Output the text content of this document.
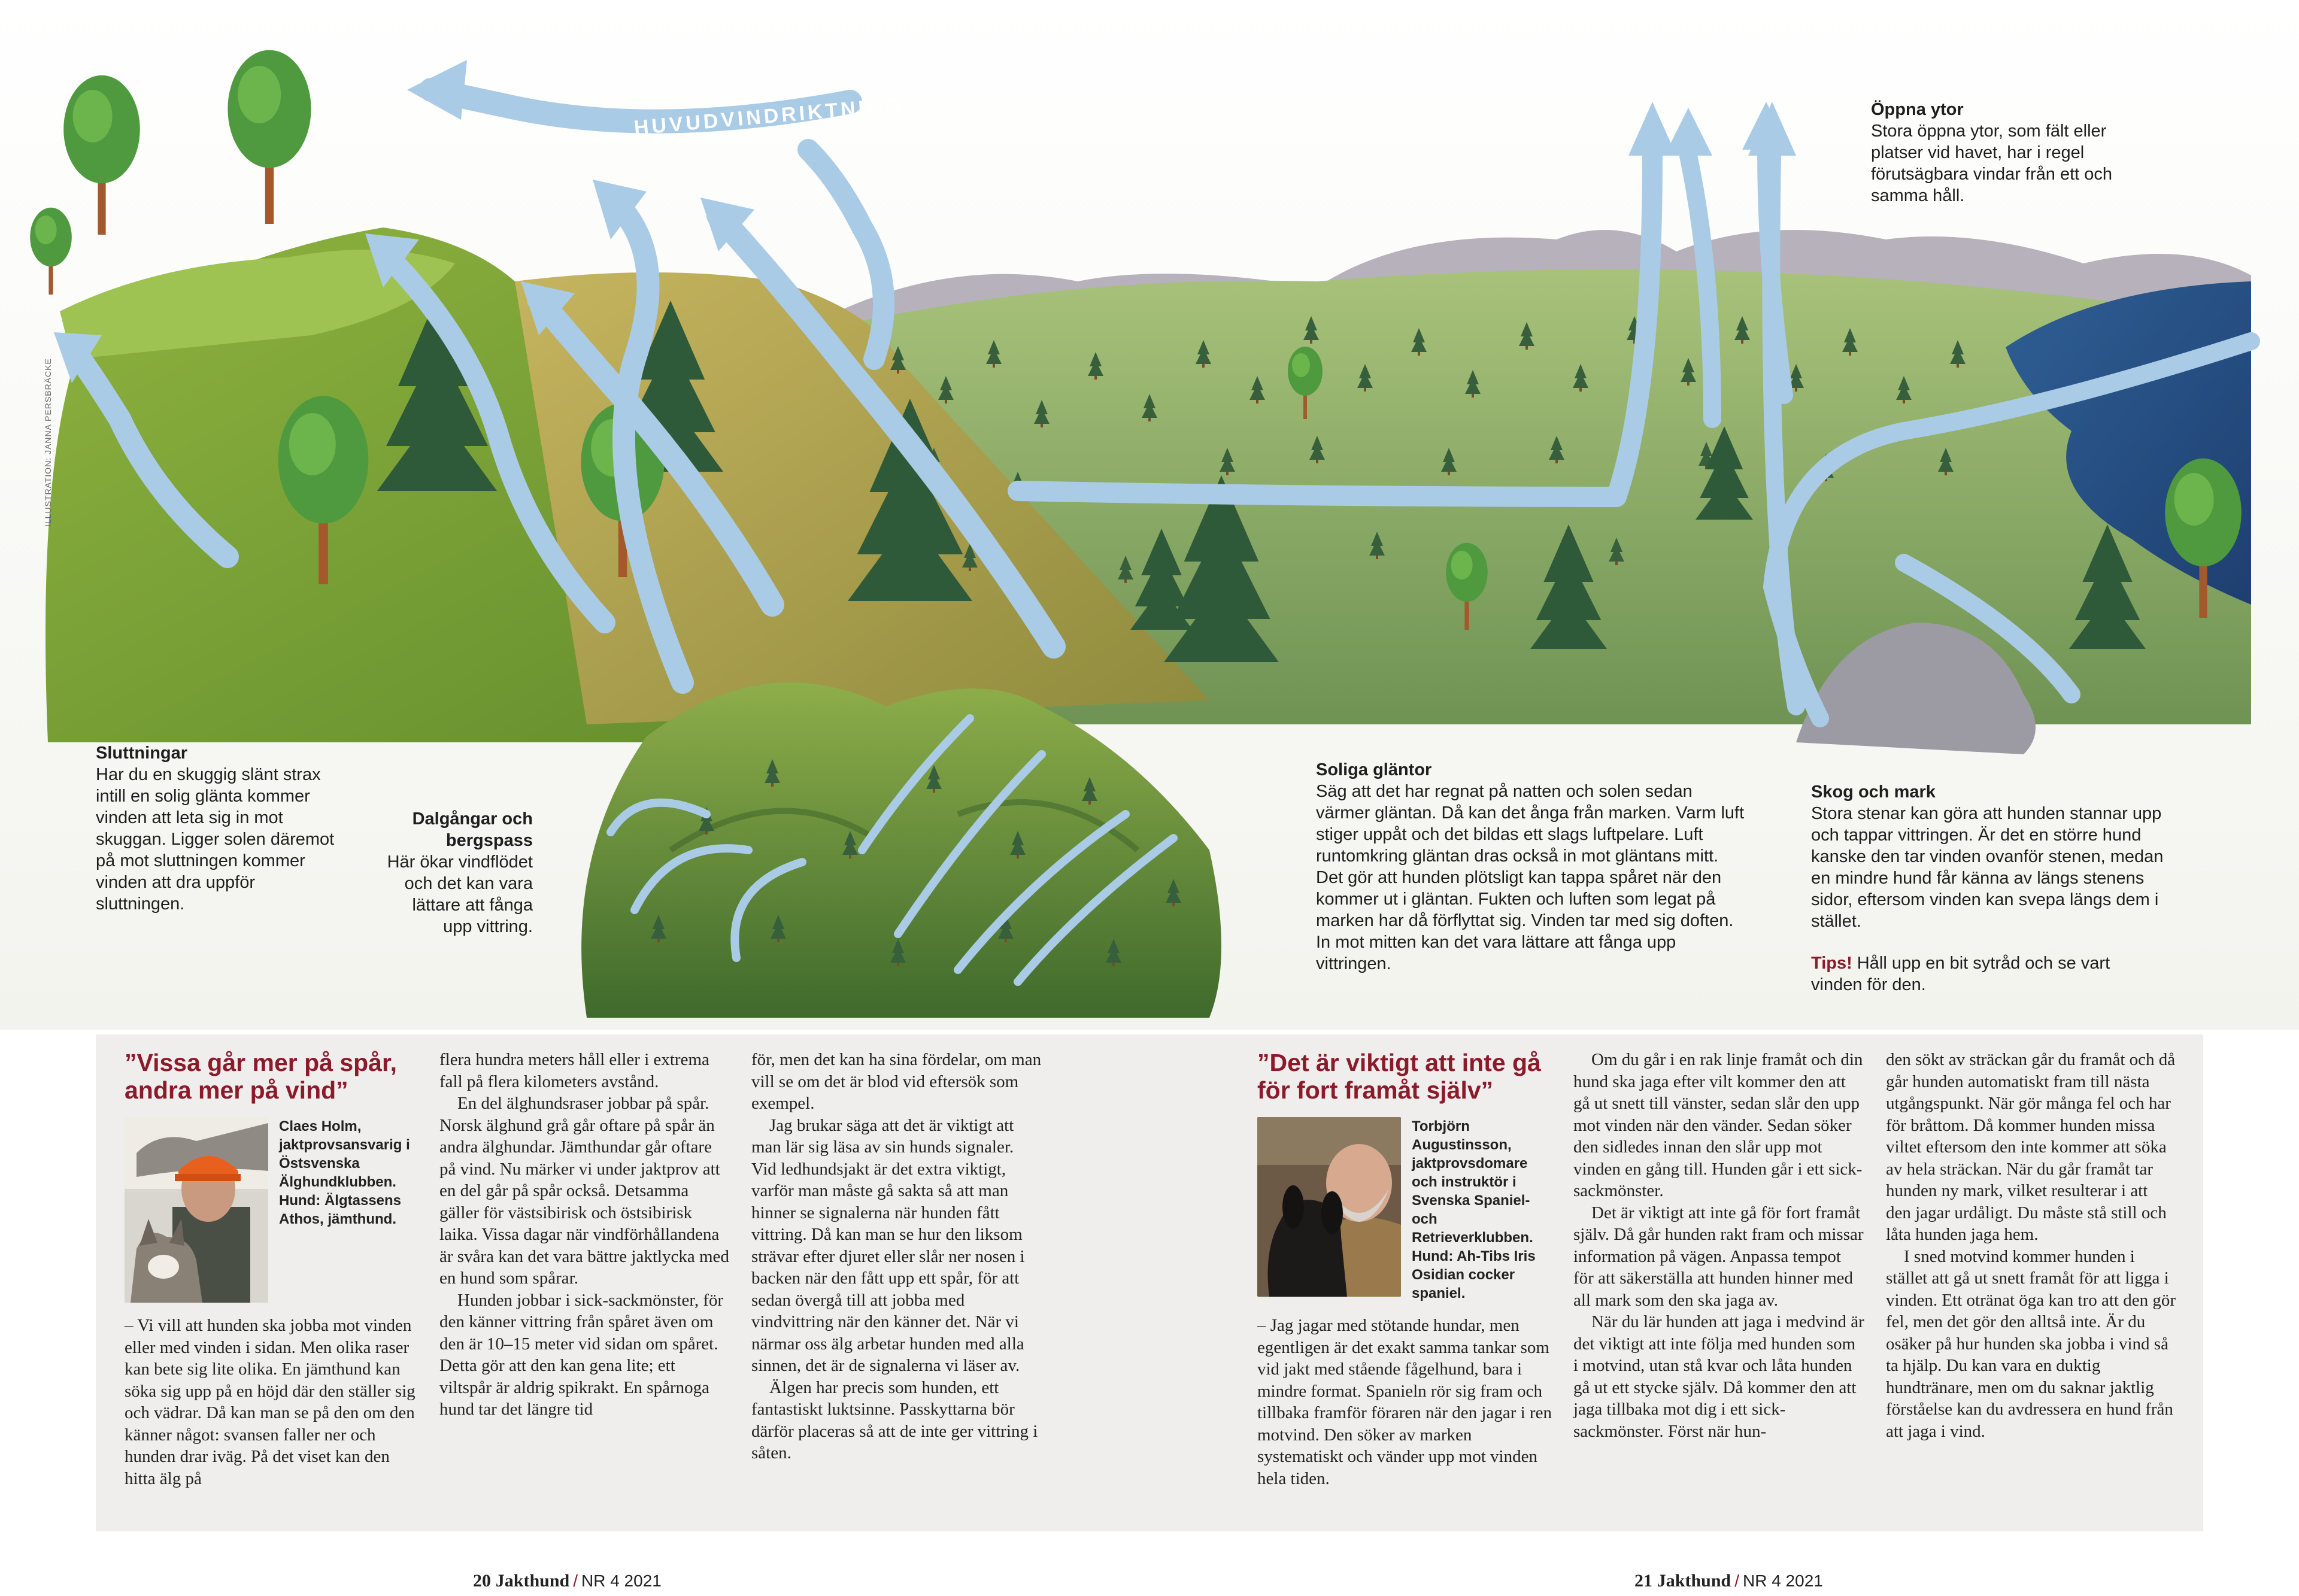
HUVUDVINDRIKTNING
ILLUSTRATION: JANNA PERSBRÄCKE
Sluttningar

Har du en skuggig slänt strax intill en solig glänta kommer vinden att leta sig in mot skuggan. Ligger solen däremot på mot sluttningen kommer vinden att dra uppför sluttningen.

Dalgångar och bergspass

Här ökar vindflödet och det kan vara lättare att fånga upp vittring.

Soliga gläntor

Säg att det har regnat på natten och solen sedan värmer gläntan. Då kan det ånga från marken. Varm luft stiger uppåt och det bildas ett slags luftpelare. Luft runtomkring gläntan dras också in mot gläntans mitt. Det gör att hunden plötsligt kan tappa spåret när den kommer ut i gläntan. Fukten och luften som legat på marken har då förflyttat sig. Vinden tar med sig doften. In mot mitten kan det vara lättare att fånga upp vittringen.

Öppna ytor

Stora öppna ytor, som fält eller platser vid havet, har i regel förutsägbara vindar från ett och samma håll.

Skog och mark

Stora stenar kan göra att hunden stannar upp och tappar vittringen. Är det en större hund kanske den tar vinden ovanför stenen, medan en mindre hund får känna av längs stenens sidor, eftersom vinden kan svepa längs dem i stället.

Tips! Håll upp en bit sytråd och se vart vinden för den.

”Vissa går mer på spår, andra mer på vind”
Claes Holm, jaktprovsansvarig i Östsvenska Älghundklubben. Hund: Älgtassens Athos, jämthund.

– Vi vill att hunden ska jobba mot vinden eller med vinden i sidan. Men olika raser kan bete sig lite olika. En jämthund kan söka sig upp på en höjd där den ställer sig och vädrar. Då kan man se på den om den känner något: svansen faller ner och hunden drar iväg. På det viset kan den hitta älg på

flera hundra meters håll eller i extrema fall på flera kilometers avstånd.

En del älghundsraser jobbar på spår. Norsk älghund grå går oftare på spår än andra älghundar. Jämthundar går oftare på vind. Nu märker vi under jaktprov att en del går på spår också. Detsamma gäller för västsibirisk och östsibirisk laika. Vissa dagar när vindförhållandena är svåra kan det vara bättre jaktlycka med en hund som spårar.

Hunden jobbar i sick-sackmönster, för den känner vittring från spåret även om den är 10–15 meter vid sidan om spåret. Detta gör att den kan gena lite; ett viltspår är aldrig spikrakt. En spårnoga hund tar det längre tid

för, men det kan ha sina fördelar, om man vill se om det är blod vid eftersök som exempel.

Jag brukar säga att det är viktigt att man lär sig läsa av sin hunds signaler. Vid ledhundsjakt är det extra viktigt, varför man måste gå sakta så att man hinner se signalerna när hunden fått vittring. Då kan man se hur den liksom strävar efter djuret eller slår ner nosen i backen när den fått upp ett spår, för att sedan övergå till att jobba med vindvittring när den känner det. När vi närmar oss älg arbetar hunden med alla sinnen, det är de signalerna vi läser av.

Älgen har precis som hunden, ett fantastiskt luktsinne. Passkyttarna bör därför placeras så att de inte ger vittring i såten.

”Det är viktigt att inte gå för fort framåt själv”
Torbjörn Augustinsson, jaktprovsdomare och instruktör i Svenska Spaniel- och Retrieverklubben. Hund: Ah-Tibs Iris Osidian cocker spaniel.

– Jag jagar med stötande hundar, men egentligen är det exakt samma tankar som vid jakt med stående fågelhund, bara i mindre format. Spanieln rör sig fram och tillbaka framför föraren när den jagar i ren motvind. Den söker av marken systematiskt och vänder upp mot vinden hela tiden.

Om du går i en rak linje framåt och din hund ska jaga efter vilt kommer den att gå ut snett till vänster, sedan slår den upp mot vinden när den vänder. Sedan söker den sidledes innan den slår upp mot vinden en gång till. Hunden går i ett sick-sackmönster.

Det är viktigt att inte gå för fort framåt själv. Då går hunden rakt fram och missar information på vägen. Anpassa tempot för att säkerställa att hunden hinner med all mark som den ska jaga av.

När du lär hunden att jaga i medvind är det viktigt att inte följa med hunden som i motvind, utan stå kvar och låta hunden gå ut ett stycke själv. Då kommer den att jaga tillbaka mot dig i ett sick-sackmönster. Först när hun-

den sökt av sträckan går du framåt och då går hunden automatiskt fram till nästa utgångspunkt. När gör många fel och har för bråttom. Då kommer hunden missa viltet eftersom den inte kommer att söka av hela sträckan. När du går framåt tar hunden ny mark, vilket resulterar i att den jagar urdåligt. Du måste stå still och låta hunden jaga hem.

I sned motvind kommer hunden i stället att gå ut snett framåt för att ligga i vinden. Ett otränat öga kan tro att den gör fel, men det gör den alltså inte. Är du osäker på hur hunden ska jobba i vind så ta hjälp. Du kan vara en duktig hundtränare, men om du saknar jaktlig förståelse kan du avdressera en hund från att jaga i vind.

20 Jakthund / NR 4 2021	21 Jakthund / NR 4 2021
